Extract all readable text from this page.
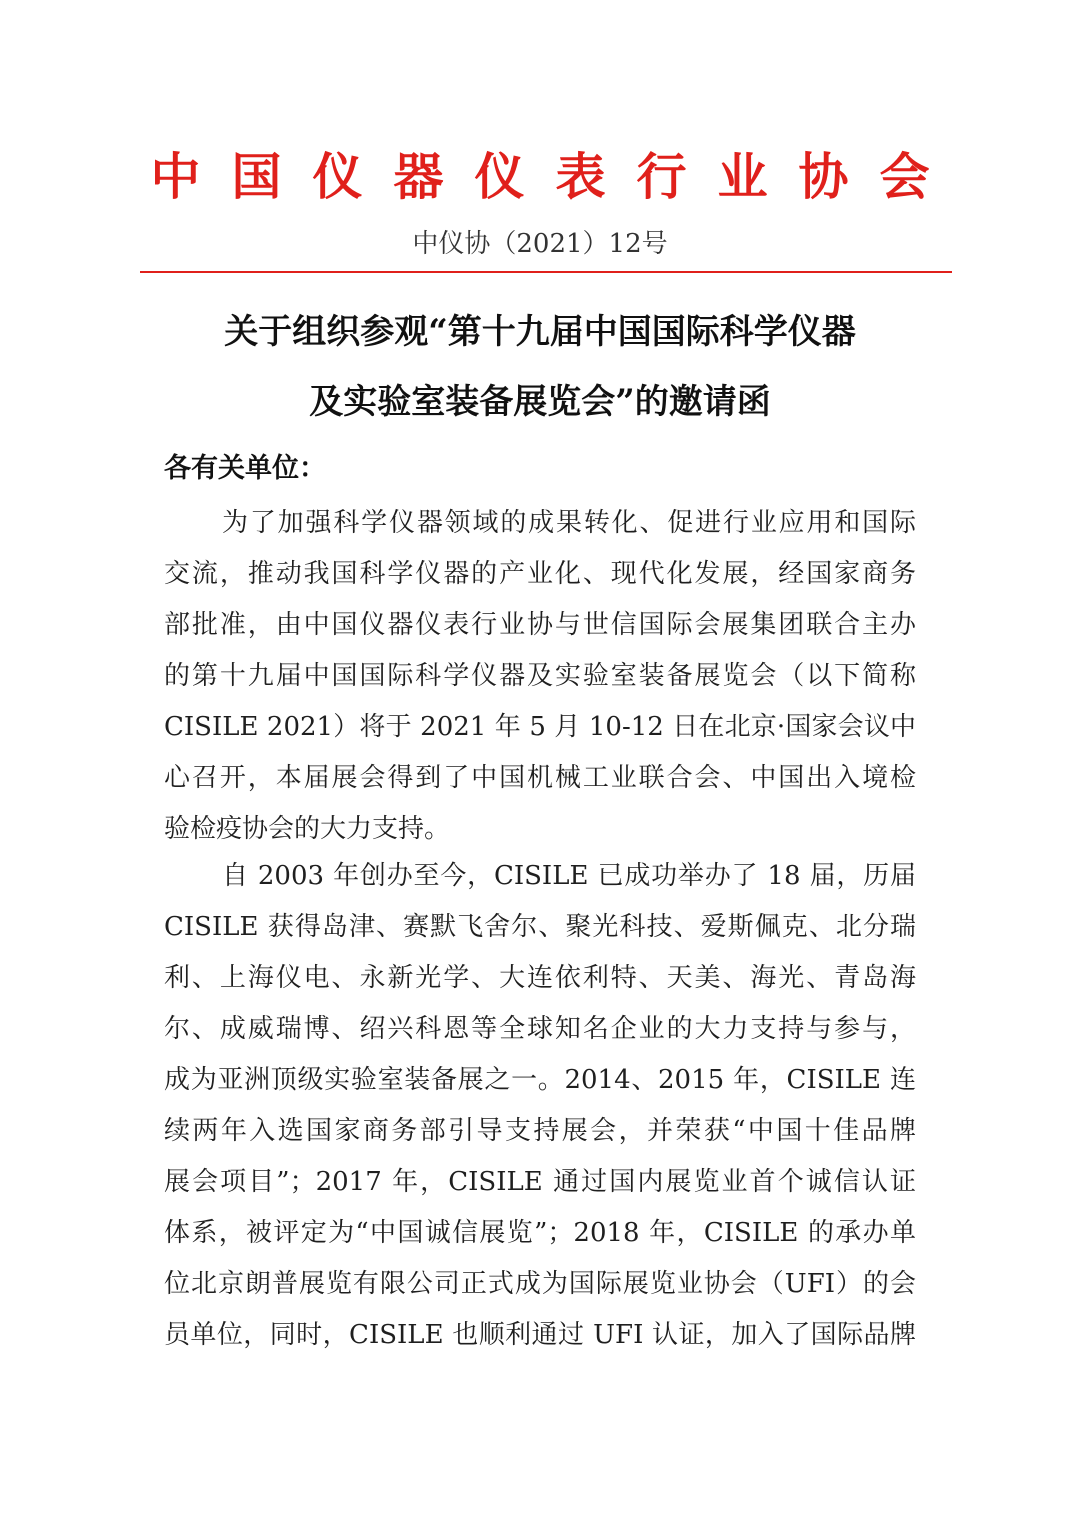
中国仪器仪表行业协会
中仪协（2021）12号
关于组织参观“第十九届中国国际科学仪器
及实验室装备展览会”的邀请函
各有关单位：
为了加强科学仪器领域的成果转化、促进行业应用和国际
交流，推动我国科学仪器的产业化、现代化发展，经国家商务
部批准，由中国仪器仪表行业协与世信国际会展集团联合主办
的第十九届中国国际科学仪器及实验室装备展览会（以下简称
CISILE 2021）将于 2021 年 5 月 10-12 日在北京·国家会议中
心召开，本届展会得到了中国机械工业联合会、中国出入境检
验检疫协会的大力支持。
自 2003 年创办至今，CISILE 已成功举办了 18 届，历届
CISILE 获得岛津、赛默飞舍尔、聚光科技、爱斯佩克、北分瑞
利、上海仪电、永新光学、大连依利特、天美、海光、青岛海
尔、成威瑞博、绍兴科恩等全球知名企业的大力支持与参与，
成为亚洲顶级实验室装备展之一。2014、2015 年，CISILE 连
续两年入选国家商务部引导支持展会，并荣获“中国十佳品牌
展会项目”；2017 年，CISILE 通过国内展览业首个诚信认证
体系，被评定为“中国诚信展览”；2018 年，CISILE 的承办单
位北京朗普展览有限公司正式成为国际展览业协会（UFI）的会
员单位，同时，CISILE 也顺利通过 UFI 认证，加入了国际品牌
